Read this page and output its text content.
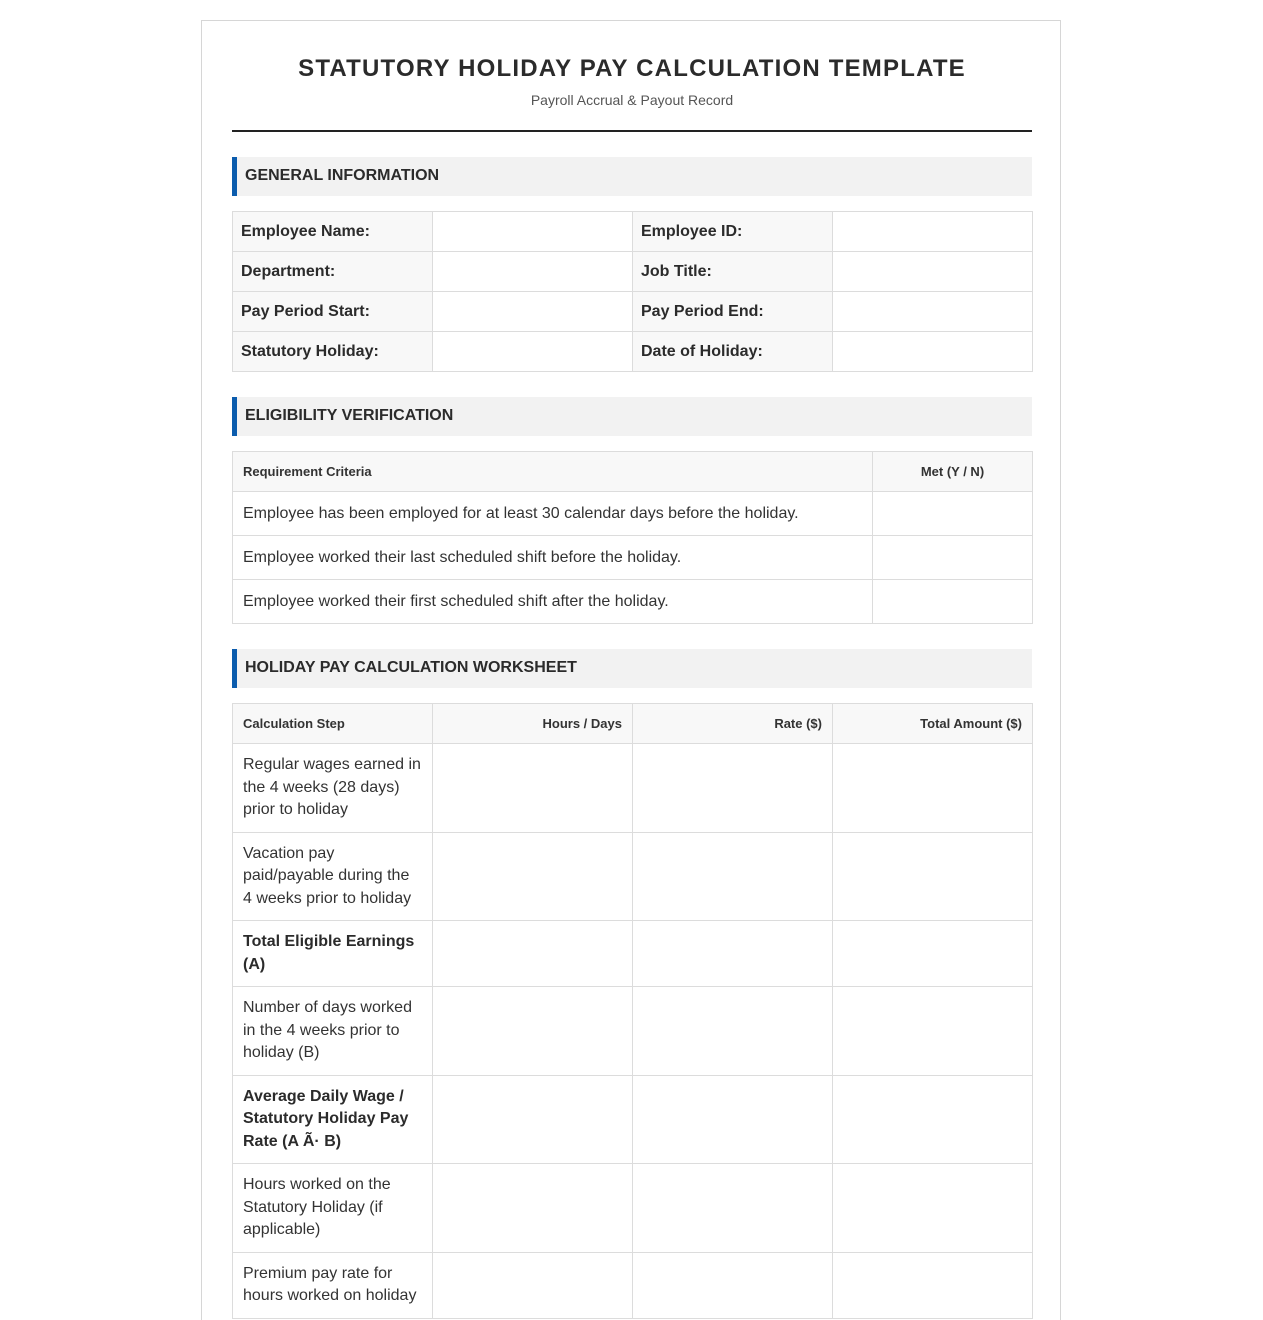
STATUTORY HOLIDAY PAY CALCULATION TEMPLATE
Payroll Accrual & Payout Record
GENERAL INFORMATION
Employee Name:		Employee ID:	
Department:		Job Title:	
Pay Period Start:		Pay Period End:	
Statutory Holiday:		Date of Holiday:	
ELIGIBILITY VERIFICATION
Requirement Criteria	Met (Y / N)
Employee has been employed for at least 30 calendar days before the holiday.	
Employee worked their last scheduled shift before the holiday.	
Employee worked their first scheduled shift after the holiday.	
HOLIDAY PAY CALCULATION WORKSHEET
Calculation Step	Hours / Days	Rate ($)	Total Amount ($)
Regular wages earned in the 4 weeks (28 days) prior to holiday			
Vacation pay paid/payable during the 4 weeks prior to holiday			
Total Eligible Earnings (A)			
Number of days worked in the 4 weeks prior to holiday (B)			
Average Daily Wage / Statutory Holiday Pay Rate (A Ã· B)			
Hours worked on the Statutory Holiday (if applicable)			
Premium pay rate for hours worked on holiday			
